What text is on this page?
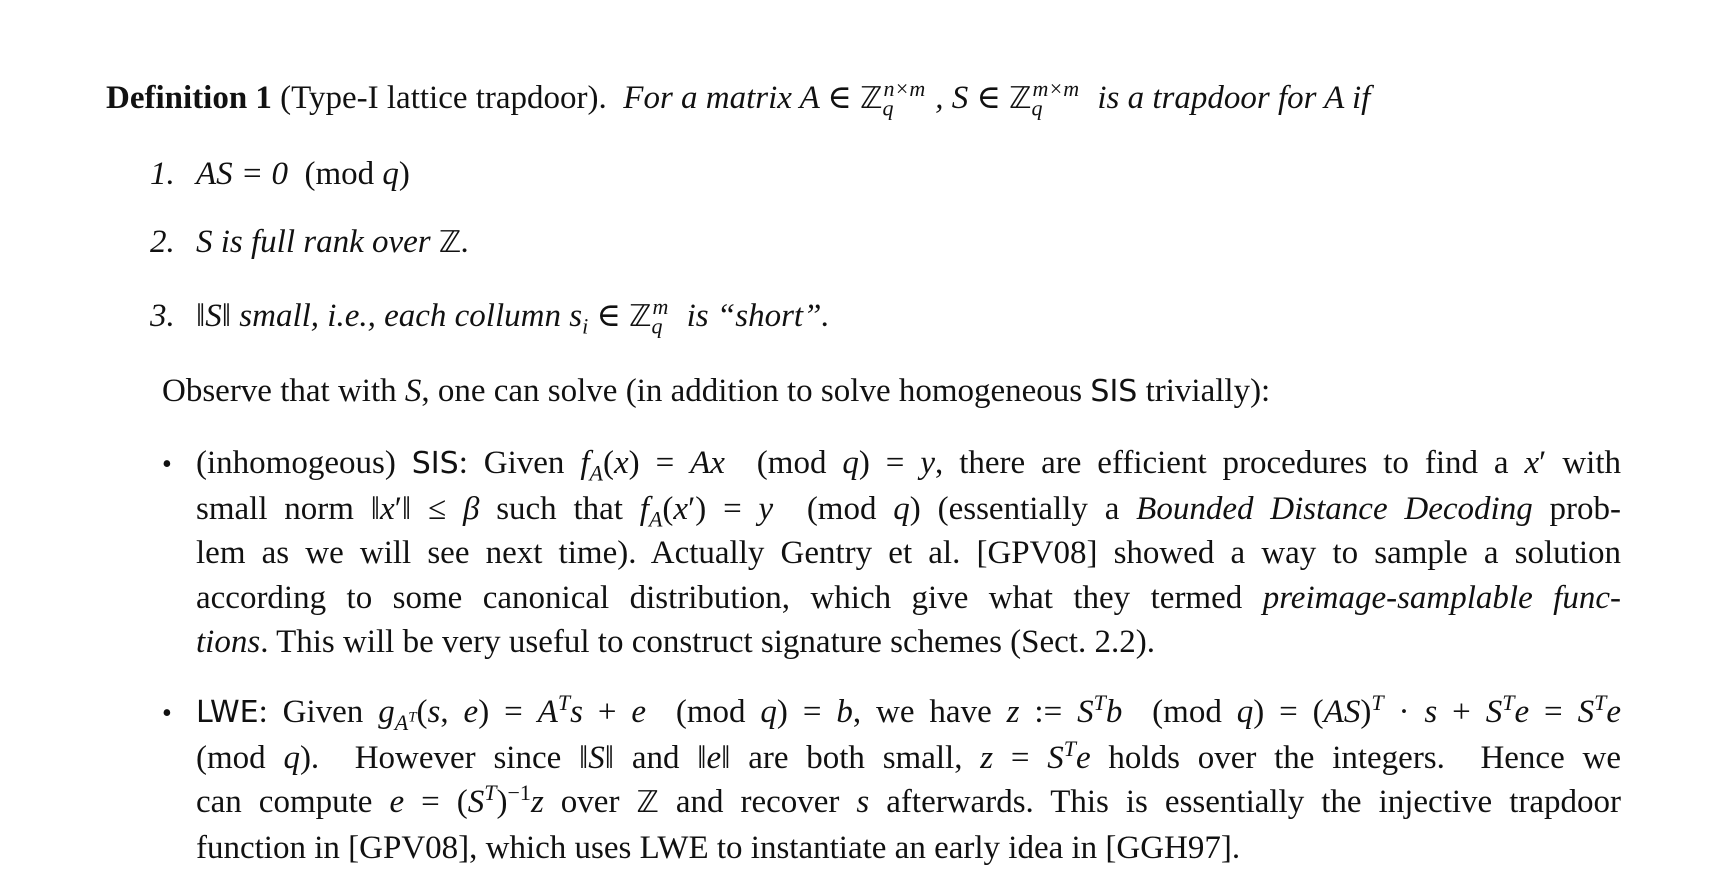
Definition 1 (Type-I lattice trapdoor).  For a matrix A ∈ ℤ$_q^{n\times m}$ , S ∈ ℤ$_q^{m\times m}$ is a trapdoor for A if
1. AS = 0  (mod q)
2. S is full rank over ℤ.
3. ‖S‖ small, i.e., each collumn $s_i$ ∈ ℤ$_q^m$ is “short”.
Observe that with S, one can solve (in addition to solve homogeneous SIS trivially):
• (inhomogeous) SIS: Given $f_A(x) = Ax$  (mod q) = y, there are efficient procedures to find a x′ with
small norm ‖x′‖ ≤ β such that $f_A(x') = y$  (mod q) (essentially a Bounded Distance Decoding prob-
lem as we will see next time). Actually Gentry et al. [GPV08] showed a way to sample a solution
according to some canonical distribution, which give what they termed preimage-samplable func-
tions. This will be very useful to construct signature schemes (Sect. 2.2).
• LWE: Given $g_{A^T}(s$, $e) = A^Ts + e$  (mod q) = b, we have z := $S^Tb$  (mod $q) = (AS)^T \cdot s + S^Te = S^Te$
(mod q).  However since ‖S‖ and ‖e‖ are both small, $z = S^Te$ holds over the integers.  Hence we
can compute $e = (S^T)^{-1}z$ over ℤ and recover s afterwards. This is essentially the injective trapdoor
function in [GPV08], which uses LWE to instantiate an early idea in [GGH97].
